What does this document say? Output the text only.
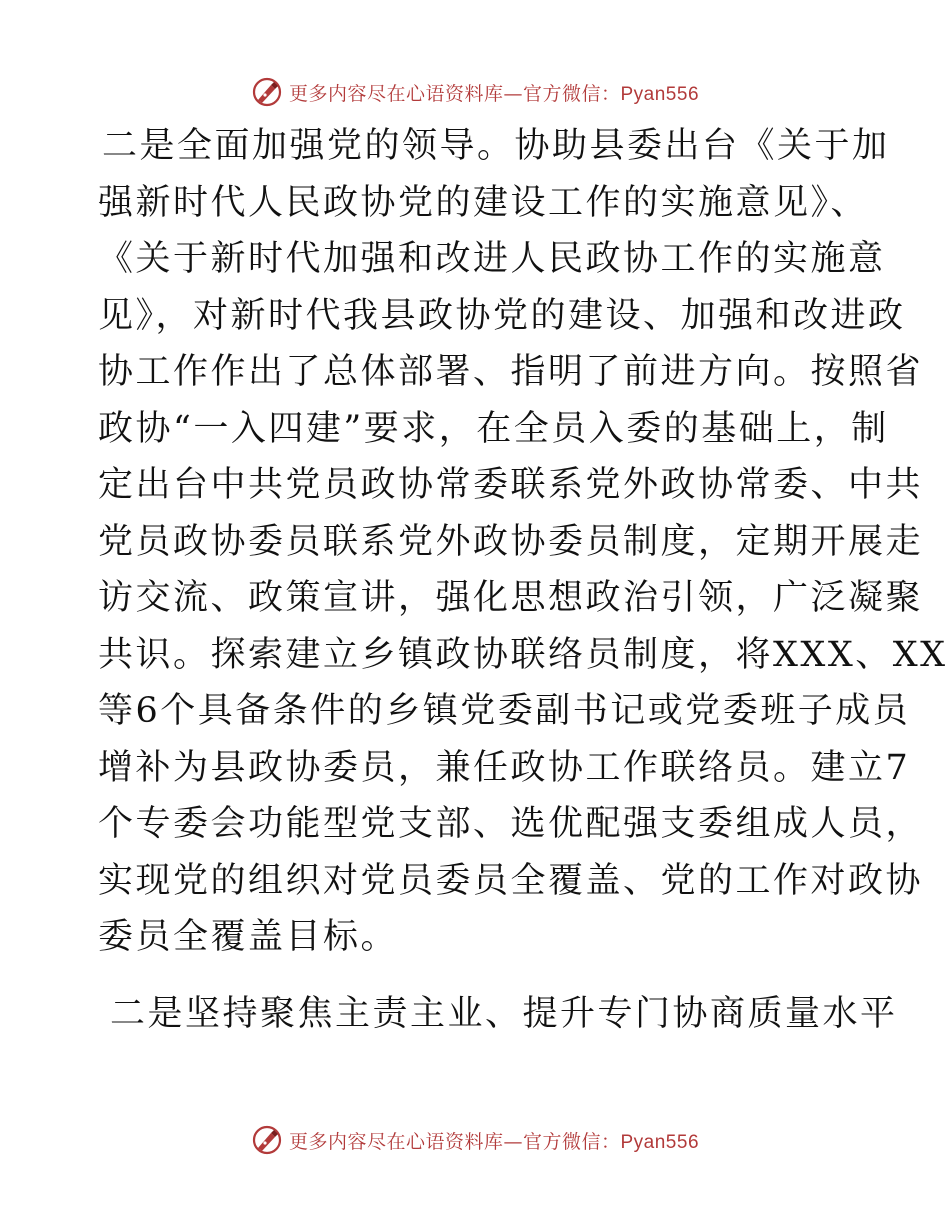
更多内容尽在心语资料库—官方微信：Pyan556
二是全面加强党的领导。协助县委出台《关于加
强新时代人民政协党的建设工作的实施意见》、
《关于新时代加强和改进人民政协工作的实施意
见》，对新时代我县政协党的建设、加强和改进政
协工作作出了总体部署、指明了前进方向。按照省
政协“一入四建”要求，在全员入委的基础上，制
定出台中共党员政协常委联系党外政协常委、中共
党员政协委员联系党外政协委员制度，定期开展走
访交流、政策宣讲，强化思想政治引领，广泛凝聚
共识。探索建立乡镇政协联络员制度，将XXX、XX
等6个具备条件的乡镇党委副书记或党委班子成员
增补为县政协委员，兼任政协工作联络员。建立7
个专委会功能型党支部、选优配强支委组成人员，
实现党的组织对党员委员全覆盖、党的工作对政协
委员全覆盖目标。
二是坚持聚焦主责主业、提升专门协商质量水平
更多内容尽在心语资料库—官方微信：Pyan556
